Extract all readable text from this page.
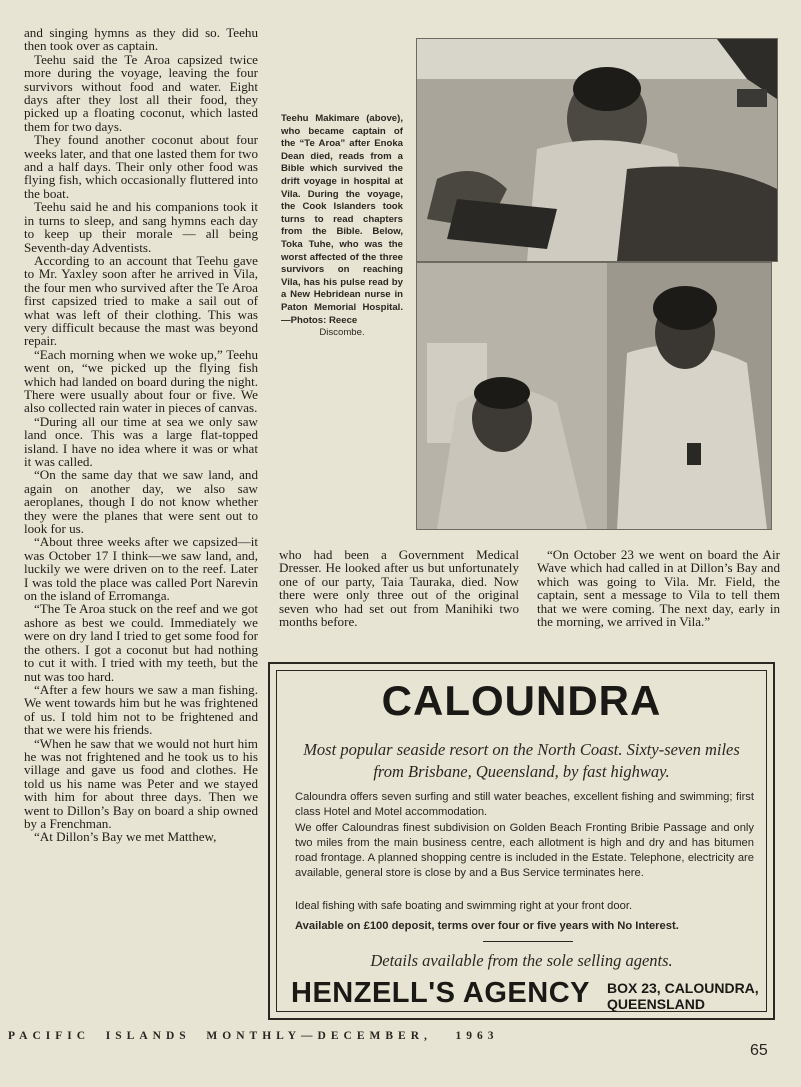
and singing hymns as they did so. Teehu then took over as captain.

Teehu said the Te Aroa capsized twice more during the voyage, leaving the four survivors without food and water. Eight days after they lost all their food, they picked up a floating coconut, which lasted them for two days.

They found another coconut about four weeks later, and that one lasted them for two and a half days. Their only other food was flying fish, which occasionally fluttered into the boat.

Teehu said he and his companions took it in turns to sleep, and sang hymns each day to keep up their morale — all being Seventh-day Adventists.

According to an account that Teehu gave to Mr. Yaxley soon after he arrived in Vila, the four men who survived after the Te Aroa first capsized tried to make a sail out of what was left of their clothing. This was very difficult because the mast was beyond repair.

“Each morning when we woke up,” Teehu went on, “we picked up the flying fish which had landed on board during the night. There were usually about four or five. We also collected rain water in pieces of canvas.

“During all our time at sea we only saw land once. This was a large flat-topped island. I have no idea where it was or what it was called.

“On the same day that we saw land, and again on another day, we also saw aeroplanes, though I do not know whether they were the planes that were sent out to look for us.

“About three weeks after we capsized—it was October 17 I think—we saw land, and, luckily we were driven on to the reef. Later I was told the place was called Port Narevin on the island of Erromanga.

“The Te Aroa stuck on the reef and we got ashore as best we could. Immediately we were on dry land I tried to get some food for the others. I got a coconut but had nothing to cut it with. I tried with my teeth, but the nut was too hard.

“After a few hours we saw a man fishing. We went towards him but he was frightened of us. I told him not to be frightened and that we were his friends.

“When he saw that we would not hurt him he was not frightened and he took us to his village and gave us food and clothes. He told us his name was Peter and we stayed with him for about three days. Then we went to Dillon’s Bay on board a ship owned by a Frenchman.

“At Dillon’s Bay we met Matthew,

Teehu Makimare (above), who became captain of the “Te Aroa” after Enoka Dean died, reads from a Bible which survived the drift voyage in hospital at Vila. During the voyage, the Cook Islanders took turns to read chapters from the Bible. Below, Toka Tuhe, who was the worst affected of the three survivors on reaching Vila, has his pulse read by a New Hebridean nurse in Paton Memorial Hospital.—Photos: Reece
Discombe.

who had been a Government Medical Dresser. He looked after us but unfortunately one of our party, Taia Tauraka, died. Now there were only three out of the original seven who had set out from Manihiki two months before.

“On October 23 we went on board the Air Wave which had called in at Dillon’s Bay and which was going to Vila. Mr. Field, the captain, sent a message to Vila to tell them that we were coming. The next day, early in the morning, we arrived in Vila.”

CALOUNDRA
Most popular seaside resort on the North Coast. Sixty-seven miles from Brisbane, Queensland, by fast highway.
Caloundra offers seven surfing and still water beaches, excellent fishing and swimming; first class Hotel and Motel accommodation.
We offer Caloundras finest subdivision on Golden Beach Fronting Bribie Passage and only two miles from the main business centre, each allotment is high and dry and has bitumen road frontage. A planned shopping centre is included in the Estate. Telephone, electricity are available, general store is close by and a Bus Service terminates here.
Ideal fishing with safe boating and swimming right at your front door.
Available on £100 deposit, terms over four or five years with No Interest.
Details available from the sole selling agents.
HENZELL'S AGENCY BOX 23, CALOUNDRA,
QUEENSLAND
PACIFIC  ISLANDS  MONTHLY—DECEMBER,   1963
65
